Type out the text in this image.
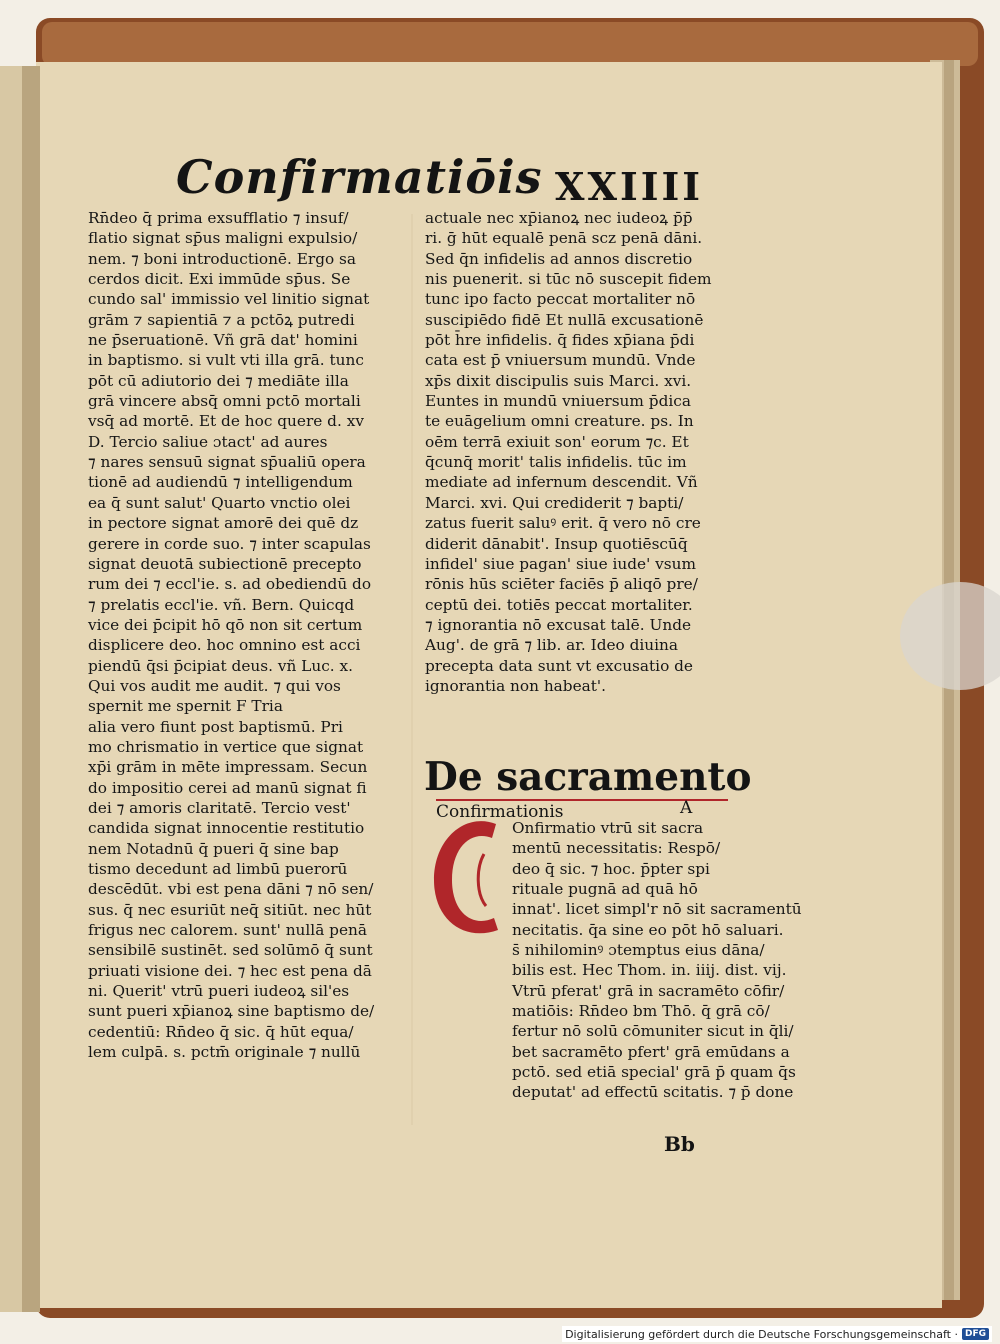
Confirmatiōis XXIIII
Rn̄deo q̄ prima exsufflatio ⁊ insuf/
flatio signat sp̄us maligni expulsio/
nem. ⁊ boni introductionē. Ergo sa
cerdos dicit. Exi immūde sp̄us. Se
cundo sal' immissio vel linitio signat
grām ⁊ sapientiā ⁊ a pctōꝝ putredi
ne p̄seruationē. Vñ grā dat' homini
in baptismo. si vult vti illa grā. tunc
pōt cū adiutorio dei ⁊ mediāte illa
grā vincere absq̄ omni pctō mortali
vsq̄ ad mortē. Et de hoc quere d. xv
D. Tercio saliue ɔtact' ad aures
⁊ nares sensuū signat sp̄ualiū opera
tionē ad audiendū ⁊ intelligendum
ea q̄ sunt salut' Quarto vnctio olei
in pectore signat amorē dei quē dz
gerere in corde suo. ⁊ inter scapulas
signat deuotā subiectionē precepto
rum dei ⁊ eccl'ie. s. ad obediendū do
⁊ prelatis eccl'ie. vñ. Bern. Quicqd
vice dei p̄cipit hō qō non sit certum
displicere deo. hoc omnino est acci
piendū q̄si p̄cipiat deus. vñ Luc. x.
Qui vos audit me audit. ⁊ qui vos
spernit me spernit F Tria
alia vero fiunt post baptismū. Pri
mo chrismatio in vertice que signat
xp̄i grām in mēte impressam. Secun
do impositio cerei ad manū signat fi
dei ⁊ amoris claritatē. Tercio vest'
candida signat innocentie restitutio
nem Notadnū q̄ pueri q̄ sine bap
tismo decedunt ad limbū puerorū
descēdūt. vbi est pena dāni ⁊ nō sen/
sus. q̄ nec esuriūt neq̄ sitiūt. nec hūt
frigus nec calorem. sunt' nullā penā
sensibilē sustinēt. sed solūmō q̄ sunt
priuati visione dei. ⁊ hec est pena dā
ni. Querit' vtrū pueri iudeoꝝ sil'es
sunt pueri xp̄ianoꝝ sine baptismo de/
cedentiū: Rn̄deo q̄ sic. q̄ hūt equa/
lem culpā. s. pctm̄ originale ⁊ nullū
actuale nec xp̄ianoꝝ nec iudeoꝝ p̄p̄
ri. ḡ hūt equalē penā scz penā dāni.
Sed q̄n infidelis ad annos discretio
nis puenerit. si tūc nō suscepit fidem
tunc ipo facto peccat mortaliter nō
suscipiēdo fidē Et nullā excusationē
pōt h̄re infidelis. q̄ fides xp̄iana p̄di
cata est p̄ vniuersum mundū. Vnde
xp̄s dixit discipulis suis Marci. xvi.
Euntes in mundū vniuersum p̄dica
te euāgelium omni creature. ps. In
oēm terrā exiuit son' eorum ⁊c. Et
q̄cunq̄ morit' talis infidelis. tūc im
mediate ad infernum descendit. Vñ
Marci. xvi. Qui crediderit ⁊ bapti/
zatus fuerit saluꝰ erit. q̄ vero nō cre
diderit dānabit'. Insup quotiēscūq̄
infidel' siue pagan' siue iude' vsum
rōnis hūs sciēter faciēs p̄ aliqō pre/
ceptū dei. totiēs peccat mortaliter.
⁊ ignorantia nō excusat talē. Unde
Aug'. de grā ⁊ lib. ar. Ideo diuina
precepta data sunt vt excusatio de
ignorantia non habeat'.
De sacramento
Confirmationis	A
Onfirmatio vtrū sit sacra
mentū necessitatis: Respō/
deo q̄ sic. ⁊ hoc. p̄pter spi
rituale pugnā ad quā hō
innat'. licet simpl'r nō sit sacramentū
necitatis. q̄a sine eo pōt hō saluari.
s̄ nihilominꝰ ɔtemptus eius dāna/
bilis est. Hec Thom. in. iiij. dist. vij.
Vtrū pferat' grā in sacramēto cōfir/
matiōis: Rn̄deo bm Thō. q̄ grā cō/
fertur nō solū cōmuniter sicut in q̄li/
bet sacramēto pfert' grā emūdans a
pctō. sed etiā special' grā p̄ quam q̄s
deputat' ad effectū scitatis. ⁊ p̄ done
Bb
Digitalisierung gefördert durch die Deutsche Forschungsgemeinschaft · DFG
